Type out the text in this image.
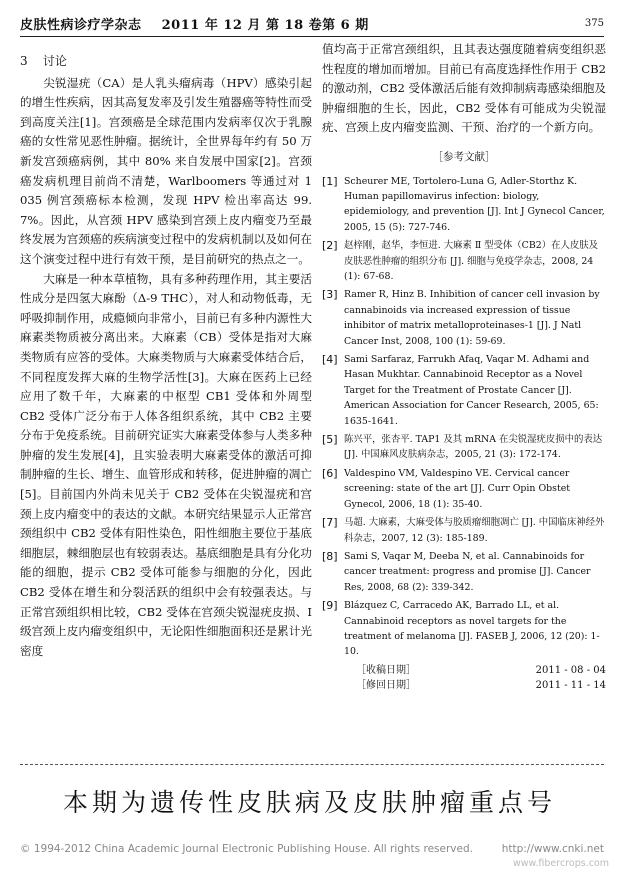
皮肤性病诊疗学杂志 2011 年 12 月 第 18 卷第 6 期	375
3 讨论

尖锐湿疣（CA）是人乳头瘤病毒（HPV）感染引起的增生性疾病，因其高复发率及引发生殖器癌等特性而受到高度关注[1]。宫颈癌是全球范围内发病率仅次于乳腺癌的女性常见恶性肿瘤。据统计，全世界每年约有 50 万新发宫颈癌病例，其中 80% 来自发展中国家[2]。宫颈癌发病机理目前尚不清楚，Warlboomers 等通过对 1 035 例宫颈癌标本检测，发现 HPV 检出率高达 99. 7%。因此，从宫颈 HPV 感染到宫颈上皮内瘤变乃至最终发展为宫颈癌的疾病演变过程中的发病机制以及如何在这个演变过程中进行有效干预，是目前研究的热点之一。

大麻是一种本草植物，具有多种药理作用，其主要活性成分是四氢大麻酚（Δ-9 THC），对人和动物低毒，无呼吸抑制作用，成瘾倾向非常小，目前已有多种内源性大麻素类物质被分离出来。大麻素（CB）受体是指对大麻类物质有应答的受体。大麻类物质与大麻素受体结合后，不同程度发挥大麻的生物学活性[3]。大麻在医药上已经应用了数千年，大麻素的中枢型 CB1 受体和外周型 CB2 受体广泛分布于人体各组织系统，其中 CB2 主要分布于免疫系统。目前研究证实大麻素受体参与人类多种肿瘤的发生发展[4]，且实验表明大麻素受体的激活可抑制肿瘤的生长、增生、血管形成和转移，促进肿瘤的凋亡[5]。目前国内外尚未见关于 CB2 受体在尖锐湿疣和宫颈上皮内瘤变中的表达的文献。本研究结果显示人正常宫颈组织中 CB2 受体有阳性染色，阳性细胞主要位于基底细胞层，棘细胞层也有较弱表达。基底细胞是具有分化功能的细胞，提示 CB2 受体可能参与细胞的分化，因此 CB2 受体在增生和分裂活跃的组织中会有较强表达。与正常宫颈组织相比较，CB2 受体在宫颈尖锐湿疣皮损、Ⅰ级宫颈上皮内瘤变组织中，无论阳性细胞面积还是累计光密度

值均高于正常宫颈组织，且其表达强度随着病变组织恶性程度的增加而增加。目前已有高度选择性作用于 CB2 的激动剂，CB2 受体激活后能有效抑制病毒感染细胞及肿瘤细胞的生长，因此，CB2 受体有可能成为尖锐湿疣、宫颈上皮内瘤变监测、干预、治疗的一个新方向。

［参考文献］
[1] Scheurer ME, Tortolero-Luna G, Adler-Storthz K. Human papillomavirus infection: biology, epidemiology, and prevention [J]. Int J Gynecol Cancer, 2005, 15 (5): 727-746.
[2] 赵梓刚，赵华，李恒进. 大麻素 Ⅱ 型受体（CB2）在人皮肤及皮肤恶性肿瘤的组织分布 [J]. 细胞与免疫学杂志，2008, 24 (1): 67-68.
[3] Ramer R, Hinz B. Inhibition of cancer cell invasion by cannabinoids via increased expression of tissue inhibitor of matrix metalloproteinases-1 [J]. J Natl Cancer Inst, 2008, 100 (1): 59-69.
[4] Sami Sarfaraz, Farrukh Afaq, Vaqar M. Adhami and Hasan Mukhtar. Cannabinoid Receptor as a Novel Target for the Treatment of Prostate Cancer [J]. American Association for Cancer Research, 2005, 65: 1635-1641.
[5] 陈兴平，张杏平. TAP1 及其 mRNA 在尖锐湿疣皮损中的表达 [J]. 中国麻风皮肤病杂志，2005, 21 (3): 172-174.
[6] Valdespino VM, Valdespino VE. Cervical cancer screening: state of the art [J]. Curr Opin Obstet Gynecol, 2006, 18 (1): 35-40.
[7] 马超. 大麻素，大麻受体与胶质瘤细胞凋亡 [J]. 中国临床神经外科杂志，2007, 12 (3): 185-189.
[8] Sami S, Vaqar M, Deeba N, et al. Cannabinoids for cancer treatment: progress and promise [J]. Cancer Res, 2008, 68 (2): 339-342.
[9] Blázquez C, Carracedo AK, Barrado LL, et al. Cannabinoid receptors as novel targets for the treatment of melanoma [J]. FASEB J, 2006, 12 (20): 1-10.
［收稿日期］	2011 - 08 - 04
［修回日期］	2011 - 11 - 14
本期为遗传性皮肤病及皮肤肿瘤重点号
© 1994-2012 China Academic Journal Electronic Publishing House. All rights reserved.	http://www.cnki.net
www.fibercrops.com
